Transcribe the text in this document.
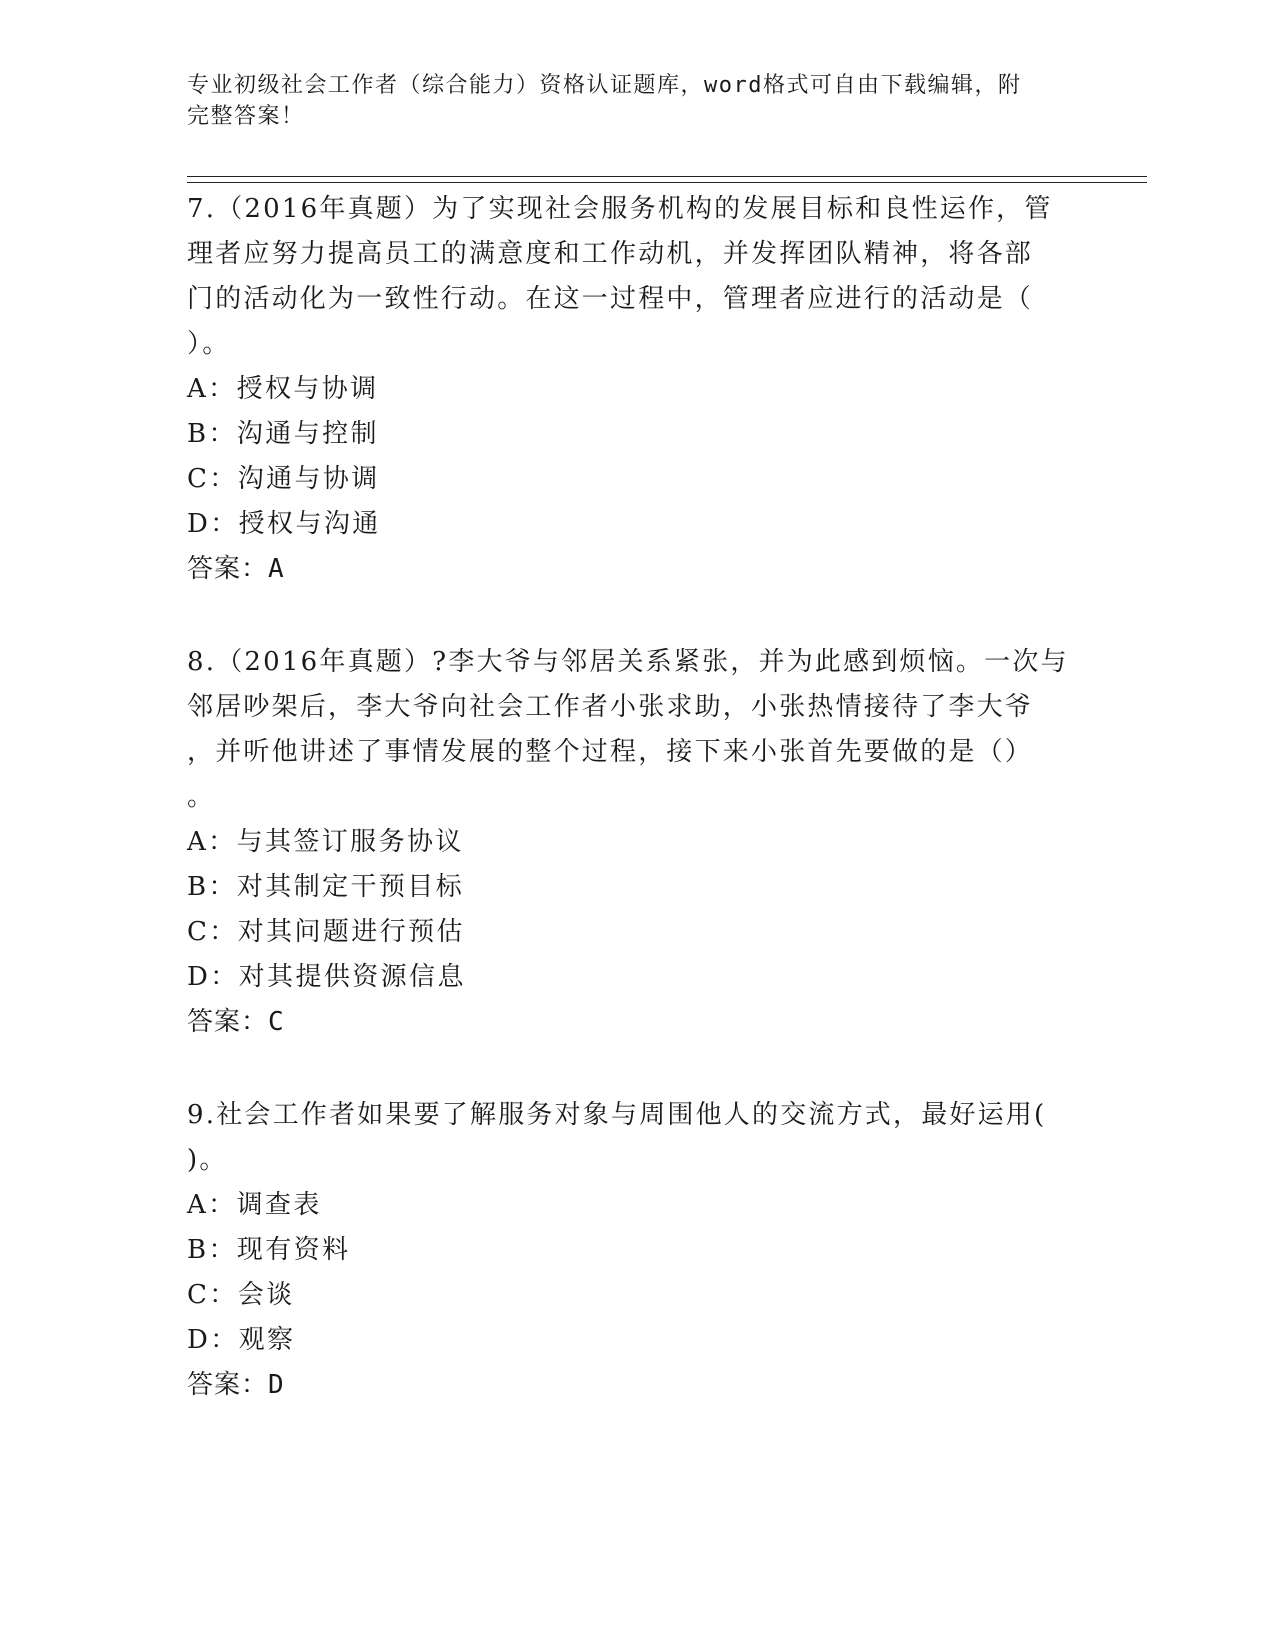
专业初级社会工作者（综合能力）资格认证题库，word格式可自由下载编辑，附
完整答案！

7.（2016年真题）为了实现社会服务机构的发展目标和良性运作，管

理者应努力提高员工的满意度和工作动机，并发挥团队精神，将各部

门的活动化为一致性行动。在这一过程中，管理者应进行的活动是（

）。

A：授权与协调

B：沟通与控制

C：沟通与协调

D：授权与沟通

答案：A

8.（2016年真题）?李大爷与邻居关系紧张，并为此感到烦恼。一次与

邻居吵架后，李大爷向社会工作者小张求助，小张热情接待了李大爷

，并听他讲述了事情发展的整个过程，接下来小张首先要做的是（）

。

A：与其签订服务协议

B：对其制定干预目标

C：对其问题进行预估

D：对其提供资源信息

答案：C

9.社会工作者如果要了解服务对象与周围他人的交流方式，最好运用(

)。

A：调查表

B：现有资料

C：会谈

D：观察

答案：D
